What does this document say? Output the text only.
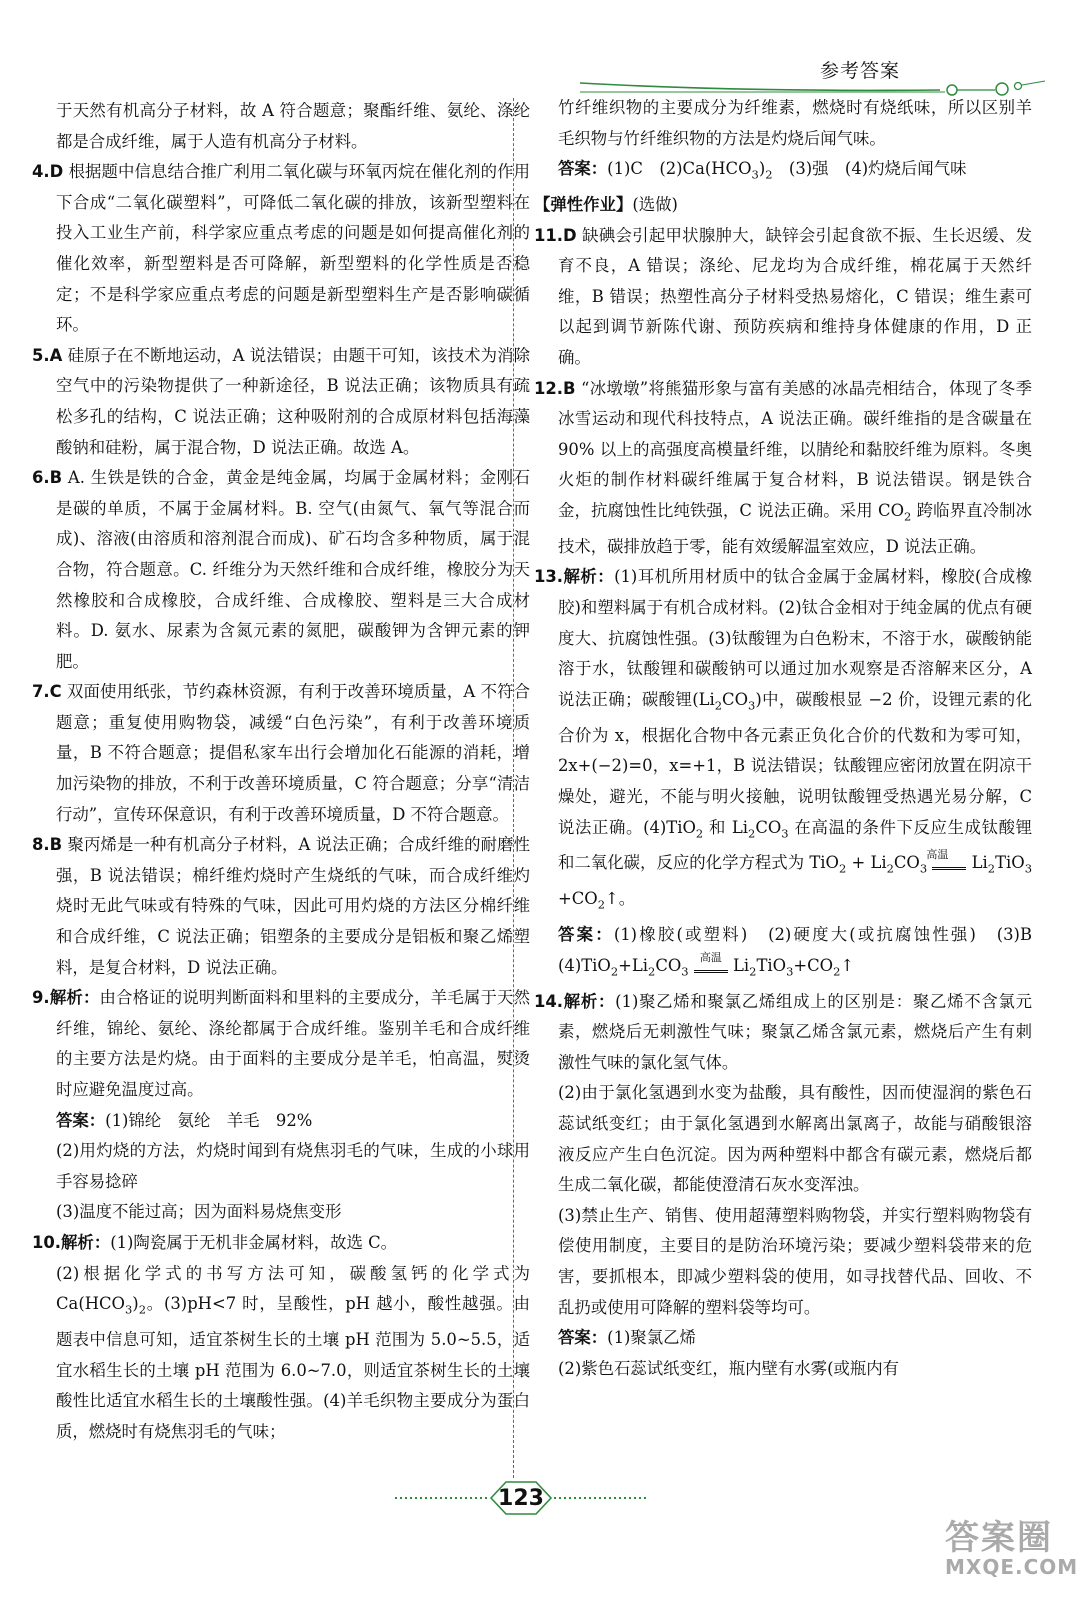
参考答案

于天然有机高分子材料，故 A 符合题意；聚酯纤维、氨纶、涤纶都是合成纤维，属于人造有机高分子材料。

4.D 根据题中信息结合推广利用二氧化碳与环氧丙烷在催化剂的作用下合成“二氧化碳塑料”，可降低二氧化碳的排放，该新型塑料在投入工业生产前，科学家应重点考虑的问题是如何提高催化剂的催化效率，新型塑料是否可降解，新型塑料的化学性质是否稳定；不是科学家应重点考虑的问题是新型塑料生产是否影响碳循环。

5.A 硅原子在不断地运动，A 说法错误；由题干可知，该技术为消除空气中的污染物提供了一种新途径，B 说法正确；该物质具有疏松多孔的结构，C 说法正确；这种吸附剂的合成原材料包括海藻酸钠和硅粉，属于混合物，D 说法正确。故选 A。

6.B A. 生铁是铁的合金，黄金是纯金属，均属于金属材料；金刚石是碳的单质，不属于金属材料。B. 空气(由氮气、氧气等混合而成)、溶液(由溶质和溶剂混合而成)、矿石均含多种物质，属于混合物，符合题意。C. 纤维分为天然纤维和合成纤维，橡胶分为天然橡胶和合成橡胶，合成纤维、合成橡胶、塑料是三大合成材料。D. 氨水、尿素为含氮元素的氮肥，碳酸钾为含钾元素的钾肥。

7.C 双面使用纸张，节约森林资源，有利于改善环境质量，A 不符合题意；重复使用购物袋，减缓“白色污染”，有利于改善环境质量，B 不符合题意；提倡私家车出行会增加化石能源的消耗，增加污染物的排放，不利于改善环境质量，C 符合题意；分享“清洁行动”，宣传环保意识，有利于改善环境质量，D 不符合题意。

8.B 聚丙烯是一种有机高分子材料，A 说法正确；合成纤维的耐磨性强，B 说法错误；棉纤维灼烧时产生烧纸的气味，而合成纤维灼烧时无此气味或有特殊的气味，因此可用灼烧的方法区分棉纤维和合成纤维，C 说法正确；铝塑条的主要成分是铝板和聚乙烯塑料，是复合材料，D 说法正确。

9.解析：由合格证的说明判断面料和里料的主要成分，羊毛属于天然纤维，锦纶、氨纶、涤纶都属于合成纤维。鉴别羊毛和合成纤维的主要方法是灼烧。由于面料的主要成分是羊毛，怕高温，熨烫时应避免温度过高。

答案：(1)锦纶　氨纶　羊毛　92%

(2)用灼烧的方法，灼烧时闻到有烧焦羽毛的气味，生成的小球用手容易捻碎

(3)温度不能过高；因为面料易烧焦变形

10.解析：(1)陶瓷属于无机非金属材料，故选 C。

(2)根据化学式的书写方法可知，碳酸氢钙的化学式为 $Ca(HCO_3)_2$。(3)pH<7 时，呈酸性，pH 越小，酸性越强。由题表中信息可知，适宜茶树生长的土壤 pH 范围为 5.0~5.5，适宜水稻生长的土壤 pH 范围为 6.0~7.0，则适宜茶树生长的土壤酸性比适宜水稻生长的土壤酸性强。(4)羊毛织物主要成分为蛋白质，燃烧时有烧焦羽毛的气味；

竹纤维织物的主要成分为纤维素，燃烧时有烧纸味，所以区别羊毛织物与竹纤维织物的方法是灼烧后闻气味。

答案：(1)C　$(2)Ca(HCO_3)_2$　(3)强　(4)灼烧后闻气味

【弹性作业】(选做)

11.D 缺碘会引起甲状腺肿大，缺锌会引起食欲不振、生长迟缓、发育不良，A 错误；涤纶、尼龙均为合成纤维，棉花属于天然纤维，B 错误；热塑性高分子材料受热易熔化，C 错误；维生素可以起到调节新陈代谢、预防疾病和维持身体健康的作用，D 正确。

12.B “冰墩墩”将熊猫形象与富有美感的冰晶壳相结合，体现了冬季冰雪运动和现代科技特点，A 说法正确。碳纤维指的是含碳量在 90% 以上的高强度高模量纤维，以腈纶和黏胶纤维为原料。冬奥火炬的制作材料碳纤维属于复合材料，B 说法错误。钢是铁合金，抗腐蚀性比纯铁强，C 说法正确。采用 $CO_2$ 跨临界直冷制冰技术，碳排放趋于零，能有效缓解温室效应，D 说法正确。

13.解析：(1)耳机所用材质中的钛合金属于金属材料，橡胶(合成橡胶)和塑料属于有机合成材料。(2)钛合金相对于纯金属的优点有硬度大、抗腐蚀性强。(3)钛酸锂为白色粉末，不溶于水，碳酸钠能溶于水，钛酸锂和碳酸钠可以通过加水观察是否溶解来区分，A 说法正确；碳酸锂$(Li_2CO_3)$中，碳酸根显 −2 价，设锂元素的化合价为 x，根据化合物中各元素正负化合价的代数和为零可知，2x+(−2)=0，x=+1，B 说法错误；钛酸锂应密闭放置在阴凉干燥处，避光，不能与明火接触，说明钛酸锂受热遇光易分解，C 说法正确。(4)TiO$_2$ 和 $Li_2CO_3$ 在高温的条件下反应生成钛酸锂和二氧化碳，反应的化学方程式为 $TiO_2 + Li_2CO_3$ 高温 $Li_2TiO_3$ $+CO_2↑$。

答案：(1)橡胶(或塑料)　(2)硬度大(或抗腐蚀性强)　(3)B　$(4)TiO_2+Li_2CO_3$ 高温 $Li_2TiO_3+CO_2↑$

14.解析：(1)聚乙烯和聚氯乙烯组成上的区别是：聚乙烯不含氯元素，燃烧后无刺激性气味；聚氯乙烯含氯元素，燃烧后产生有刺激性气味的氯化氢气体。

(2)由于氯化氢遇到水变为盐酸，具有酸性，因而使湿润的紫色石蕊试纸变红；由于氯化氢遇到水解离出氯离子，故能与硝酸银溶液反应产生白色沉淀。因为两种塑料中都含有碳元素，燃烧后都生成二氧化碳，都能使澄清石灰水变浑浊。

(3)禁止生产、销售、使用超薄塑料购物袋，并实行塑料购物袋有偿使用制度，主要目的是防治环境污染；要减少塑料袋带来的危害，要抓根本，即减少塑料袋的使用，如寻找替代品、回收、不乱扔或使用可降解的塑料袋等均可。

答案：(1)聚氯乙烯

(2)紫色石蕊试纸变红，瓶内壁有水雾(或瓶内有

123
答案圈
MXQE.COM
